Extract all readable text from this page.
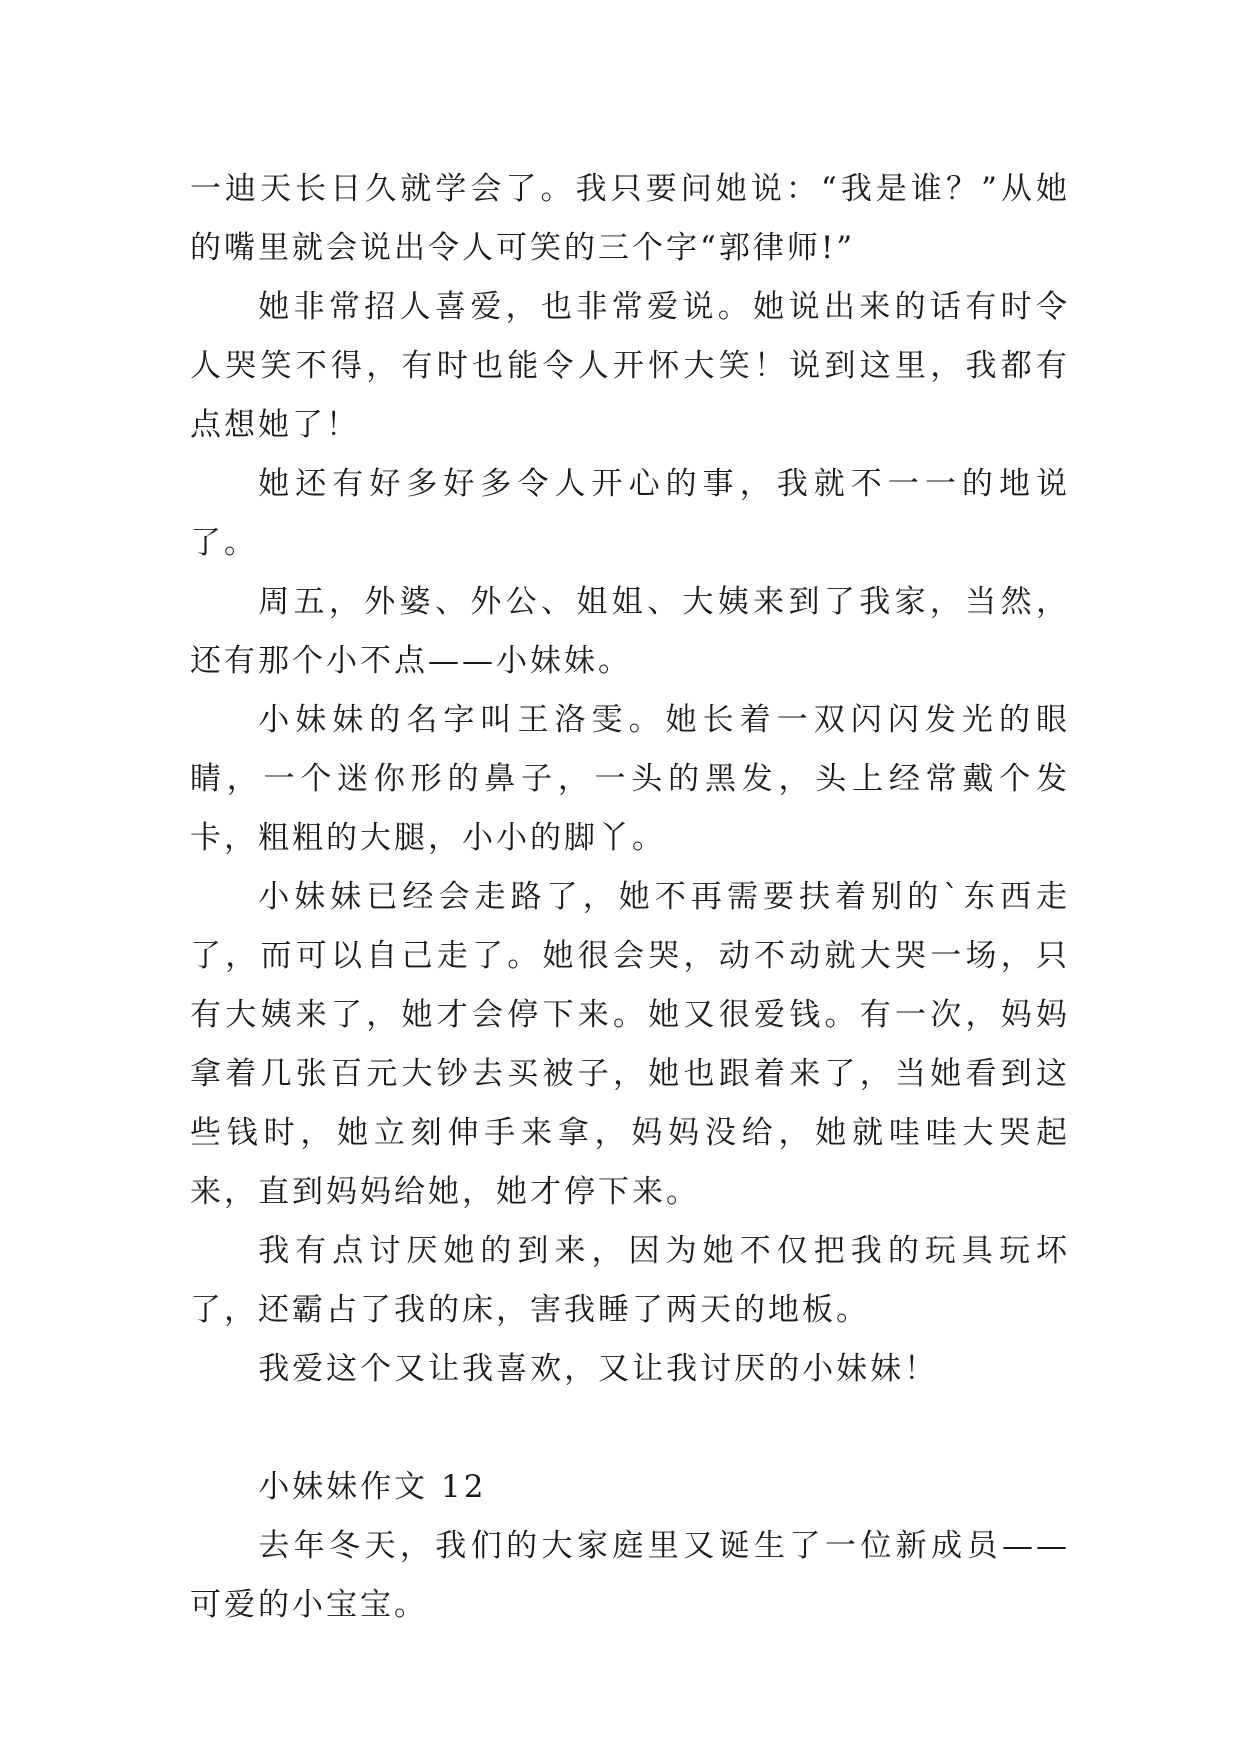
一迪天长日久就学会了。我只要问她说：“我是谁？”从她的嘴里就会说出令人可笑的三个字“郭律师!”

她非常招人喜爱，也非常爱说。她说出来的话有时令人哭笑不得，有时也能令人开怀大笑！说到这里，我都有点想她了！

她还有好多好多令人开心的事，我就不一一的地说了。

周五，外婆、外公、姐姐、大姨来到了我家，当然，还有那个小不点——小妹妹。

小妹妹的名字叫王洛雯。她长着一双闪闪发光的眼睛，一个迷你形的鼻子，一头的黑发，头上经常戴个发卡，粗粗的大腿，小小的脚丫。

小妹妹已经会走路了，她不再需要扶着别的`东西走了，而可以自己走了。她很会哭，动不动就大哭一场，只有大姨来了，她才会停下来。她又很爱钱。有一次，妈妈拿着几张百元大钞去买被子，她也跟着来了，当她看到这些钱时，她立刻伸手来拿，妈妈没给，她就哇哇大哭起来，直到妈妈给她，她才停下来。

我有点讨厌她的到来，因为她不仅把我的玩具玩坏了，还霸占了我的床，害我睡了两天的地板。

我爱这个又让我喜欢，又让我讨厌的小妹妹！

小妹妹作文 12

去年冬天，我们的大家庭里又诞生了一位新成员——可爱的小宝宝。
